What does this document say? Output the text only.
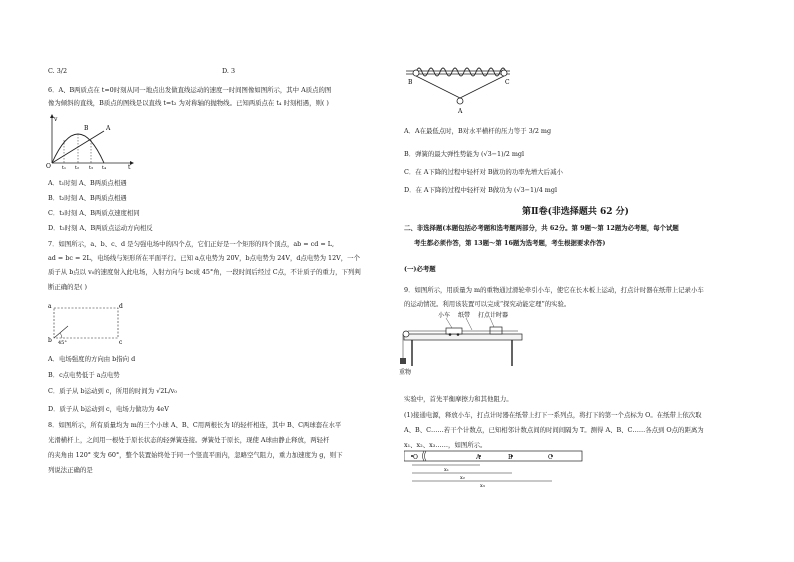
C. 3/2	D. 3
6．A、B两质点在 t=0时刻从同一地点出发做直线运动的速度一时间图像如图所示，其中 A质点的图
像为倾斜的直线，B质点的图线是以直线 t=t₂ 为对称轴的抛物线。已知两质点在 t₄ 时刻相遇，则( )
v
A
B
O t₁ t₂ t₃ t₄	t
A．t₁时刻 A、B两质点相遇
B．t₂时刻 A、B两质点相遇
C．t₃时刻 A、B两质点速度相同
D．t₂时刻 A、B两质点运动方向相反
7．如图所示，a、b、c、d 是匀强电场中的四个点，它们正好是一个矩形的四个顶点，ab = cd = L,
ad = bc = 2L，电场线与矩形所在平面平行。已知 a点电势为 20V，b点电势为 24V，d点电势为 12V，一个
质子从 b点以 v₀的速度射入此电场，入射方向与 bc成 45°角，一段时间后经过 C点，不计质子的重力，下列判
断正确的是( )
a	d
b	c
45°
A．电场强度的方向由 b指向 d
B．c点电势低于 a点电势
C．质子从 b运动到 c，所用的时间为 √2L/v₀
D．质子从 b运动到 c，电场力做功为 4eV
8．如图所示，所有质量均为 m的三个小球 A、B、C用两根长为 l的轻杆相连，其中 B、C两球套在水平
光滑横杆上，之间用一根处于原长状态的轻弹簧连接。弹簧处于原长，现使 A球由静止释放，两轻杆
的夹角由 120° 变为 60°，整个装置始终处于同一个竖直平面内，忽略空气阻力，重力加速度为 g，则下
列说法正确的是
B	C
A
A．A在最低点时，B对水平横杆的压力等于 3/2 mg
B．弹簧的最大弹性势能为 (√3−1)/2 mgl
C．在 A下降的过程中轻杆对 B做功的功率先增大后减小
D．在 A下降的过程中轻杆对 B做功为 (√3−1)/4 mgl
第Ⅱ卷(非选择题共 62 分)
二、非选择题(本题包括必考题和选考题两部分，共 62分。第 9题～第 12题为必考题，每个试题
考生都必须作答，第 13题～第 16题为选考题，考生根据要求作答)
(一)必考题
9．如图所示，用质量为 m的重物通过滑轮牵引小车，使它在长木板上运动，打点计时器在纸带上记录小车
的运动情况。利用该装置可以完成“探究动能定理”的实验。
小车 纸带 打点计时器
重物
实验中，首先平衡摩擦力和其他阻力。
(1)接通电源，释放小车，打点计时器在纸带上打下一系列点，将打下的第一个点标为 O。在纸带上依次取
A、B、C……若干个计数点，已知相邻计数点间的时间间隔为 T。测得 A、B、C……各点到 O点的距离为
x₁、x₂、x₃……，如图所示。
O	A	B	C
x₁
x₂
x₃
